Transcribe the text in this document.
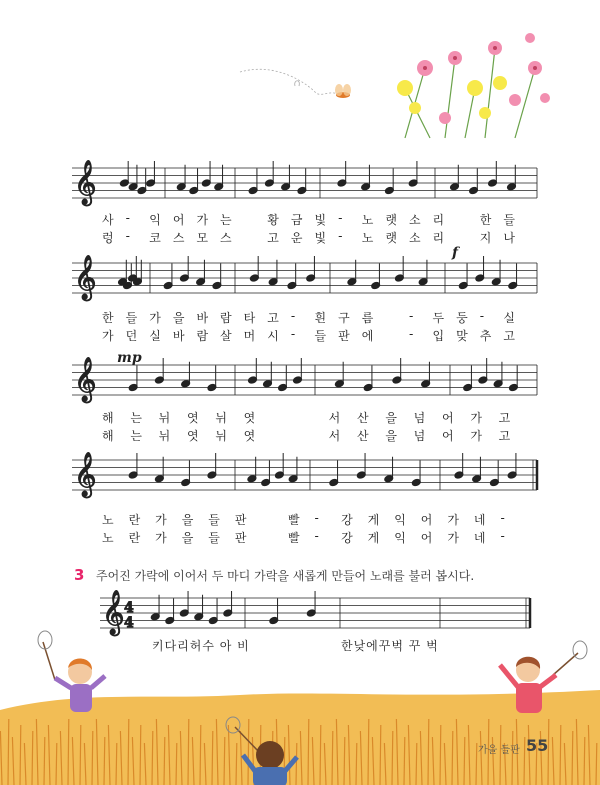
𝄞
𝄞
𝄞
𝄞
𝄞 4
4
f
mp
사 - 익 어 가 는	황 금 빛 - 노 랫 소 리	한 들
렁 - 코 스 모 스	고 운 빛 - 노 랫 소 리	지 나
한 들 가 을 바 람 타 고 - 흰 구 름	- 두 둥 - 실
가 던 실 바 람 살 머 시 - 들 판 에	- 입 맞 추 고
해 는 뉘 엿 뉘 엿	서 산 을 넘 어 가 고
해 는 뉘 엿 뉘 엿	서 산 을 넘 어 가 고
노 란 가 을 들 판	빨 - 강 게 익 어 가 네 -
노 란 가 을 들 판	빨 - 강 게 익 어 가 네 -
3 주어진 가락에 이어서 두 마디 가락을 새롭게 만들어 노래를 불러 봅시다.
키다리허수 아 비	한낮에꾸벅 꾸 벅
가을 들판 55
